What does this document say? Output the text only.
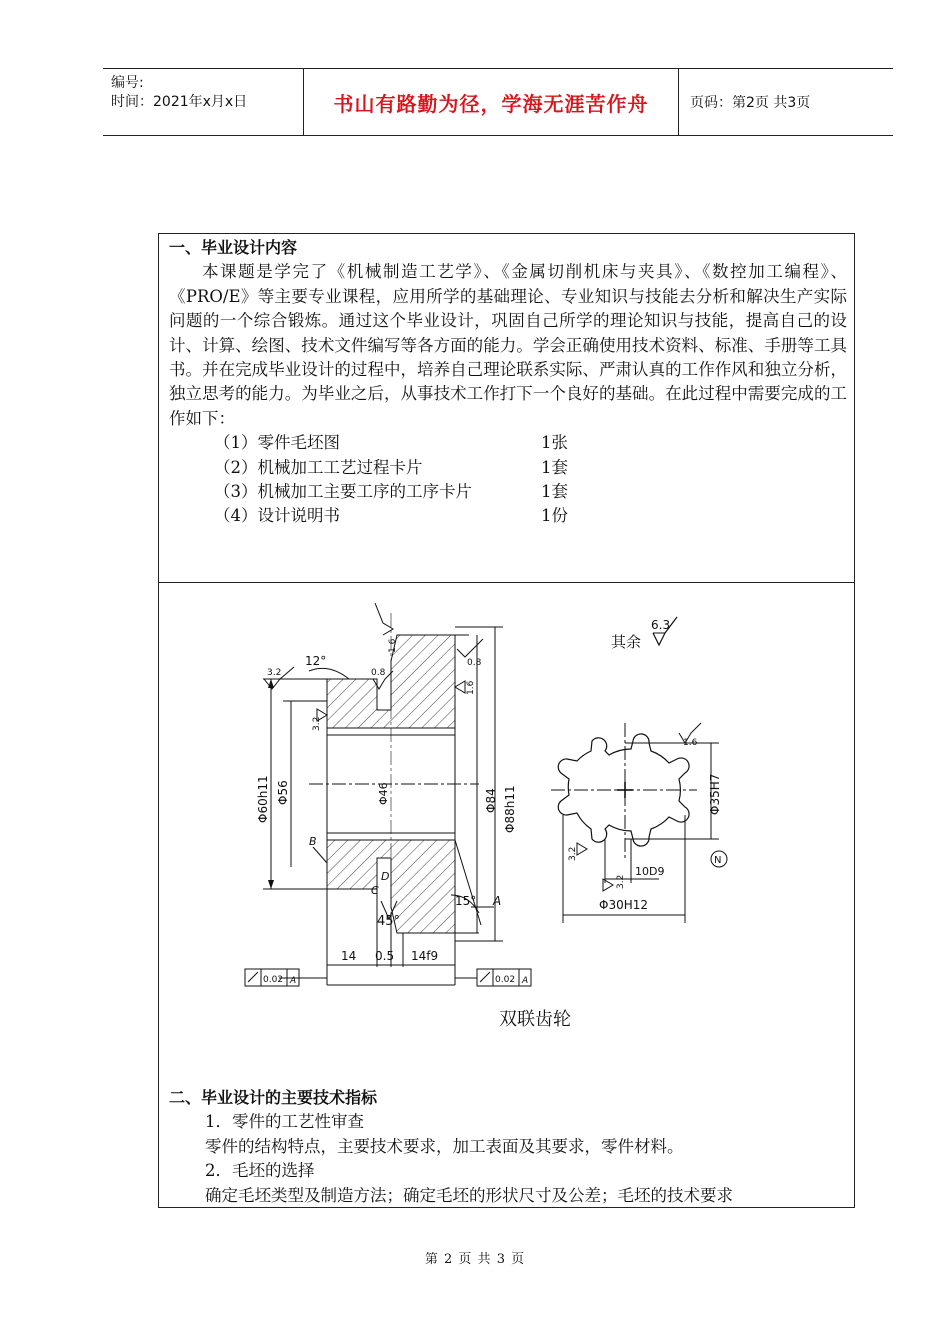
编号:
时间：2021年x月x日	书山有路勤为径，学海无涯苦作舟	页码：第2页 共3页
一、毕业设计内容

本课题是学完了《机械制造工艺学》、《金属切削机床与夹具》、《数控加工编程》、《PRO/E》等主要专业课程，应用所学的基础理论、专业知识与技能去分析和解决生产实际问题的一个综合锻炼。通过这个毕业设计，巩固自己所学的理论知识与技能，提高自己的设计、计算、绘图、技术文件编写等各方面的能力。学会正确使用技术资料、标准、手册等工具书。并在完成毕业设计的过程中，培养自己理论联系实际、严肃认真的工作作风和独立分析，独立思考的能力。为毕业之后，从事技术工作打下一个良好的基础。在此过程中需要完成的工作如下：

（1）零件毛坯图	1张
（2）机械加工工艺过程卡片	1套
（3）机械加工主要工序的工序卡片	1套
（4）设计说明书	1份
Φ60h11 Φ56	Φ46	Φ84 Φ88h11
12°
45°
15° A
3.2	0.8
1.6
0.8
1.6
3.2
B
D
C
14 0.5 14f9
0.02 A	0.02 A
Φ35H7
Φ30H12
10D9
N
1.6
3.2
3.2
其余
6.3
双联齿轮
二、毕业设计的主要技术指标
1．零件的工艺性审查
零件的结构特点，主要技术要求，加工表面及其要求，零件材料。
2．毛坯的选择
确定毛坯类型及制造方法；确定毛坯的形状尺寸及公差；毛坯的技术要求
第 2 页 共 3 页
